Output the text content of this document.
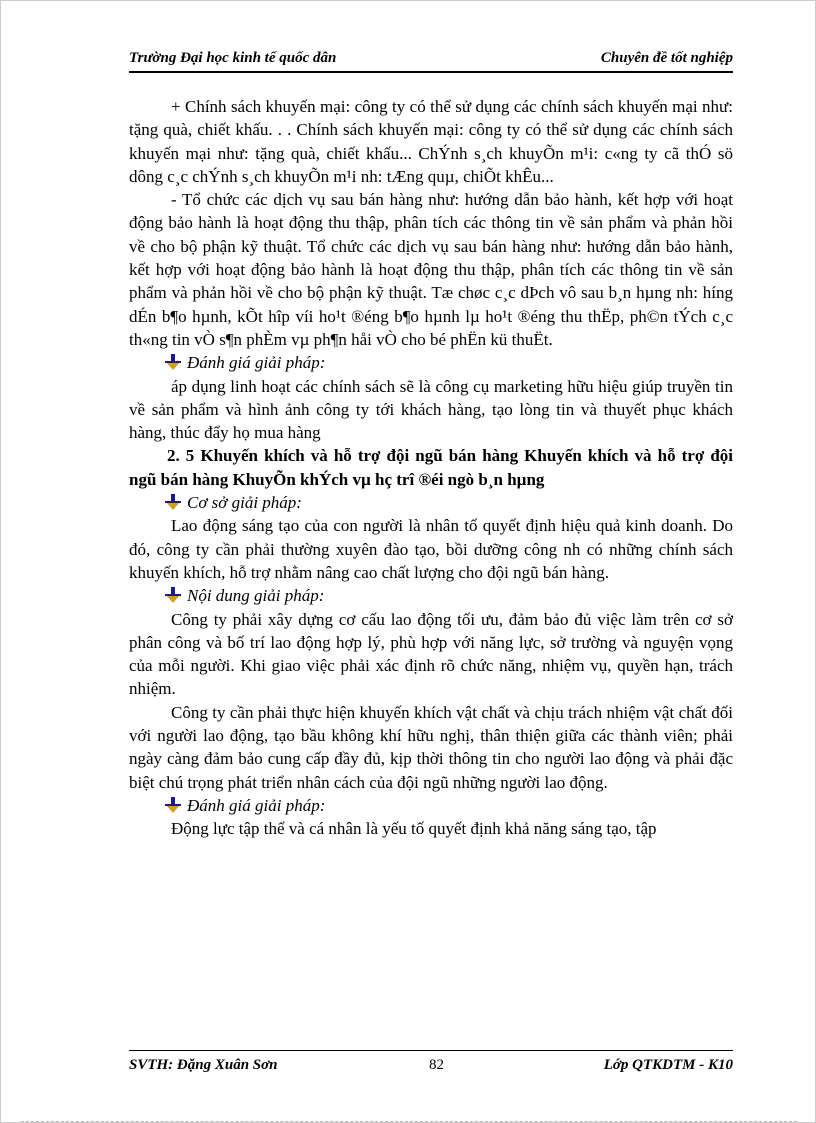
Trường Đại học kinh tế quốc dân	Chuyên đề tốt nghiệp

+ Chính sách khuyến mại: công ty có thể sử dụng các chính sách khuyến mại như: tặng quà, chiết khấu. . . Chính sách khuyến mại: công ty có thể sử dụng các chính sách khuyến mại như: tặng quà, chiết khấu... ChÝnh s¸ch khuyÕn m¹i: c«ng ty cã thÓ sö dông c¸c chÝnh s¸ch khuyÕn m¹i nh: tÆng quµ, chiÕt khÊu...

- Tổ chức các dịch vụ sau bán hàng như: hướng dẫn bảo hành, kết hợp với hoạt động bảo hành là hoạt động thu thập, phân tích các thông tin về sản phẩm và phản hồi về cho bộ phận kỹ thuật. Tổ chức các dịch vụ sau bán hàng như: hướng dẫn bảo hành, kết hợp với hoạt động bảo hành là hoạt động thu thập, phân tích các thông tin về sản phẩm và phản hồi về cho bộ phận kỹ thuật. Tæ chøc c¸c dÞch vô sau b¸n hµng nh: híng dÉn b¶o hµnh, kÕt hîp víi ho¹t ®éng b¶o hµnh lµ ho¹t ®éng thu thËp, ph©n tÝch c¸c th«ng tin vÒ s¶n phÈm vµ ph¶n håi vÒ cho bé phËn kü thuËt.

Đánh giá giải pháp:

áp dụng linh hoạt các chính sách sẽ là công cụ marketing hữu hiệu giúp truyền tin về sản phẩm và hình ảnh công ty tới khách hàng, tạo lòng tin và thuyết phục khách hàng, thúc đẩy họ mua hàng

2. 5 Khuyến khích và hỗ trợ đội ngũ bán hàng Khuyến khích và hỗ trợ đội ngũ bán hàng KhuyÕn khÝch vµ hç trî ®éi ngò b¸n hµng

Cơ sở giải pháp:

Lao động sáng tạo của con người là nhân tố quyết định hiệu quả kinh doanh. Do đó, công ty cần phải thường xuyên đào tạo, bồi dưỡng công nh có những chính sách khuyến khích, hỗ trợ nhằm nâng cao chất lượng cho đội ngũ bán hàng.

Nội dung giải pháp:

Công ty phải xây dựng cơ cấu lao động tối ưu, đảm bảo đủ việc làm trên cơ sở phân công và bố trí lao động hợp lý, phù hợp với năng lực, sở trường và nguyện vọng của mỗi người. Khi giao việc phải xác định rõ chức năng, nhiệm vụ, quyền hạn, trách nhiệm.

Công ty cần phải thực hiện khuyến khích vật chất và chịu trách nhiệm vật chất đối với người lao động, tạo bầu không khí hữu nghị, thân thiện giữa các thành viên; phải ngày càng đảm bảo cung cấp đầy đủ, kịp thời thông tin cho người lao động và phải đặc biệt chú trọng phát triển nhân cách của đội ngũ những người lao động.

Đánh giá giải pháp:

Động lực tập thể và cá nhân là yếu tố quyết định khả năng sáng tạo, tập

SVTH: Đặng Xuân Sơn	82	Lớp QTKDTM - K10
